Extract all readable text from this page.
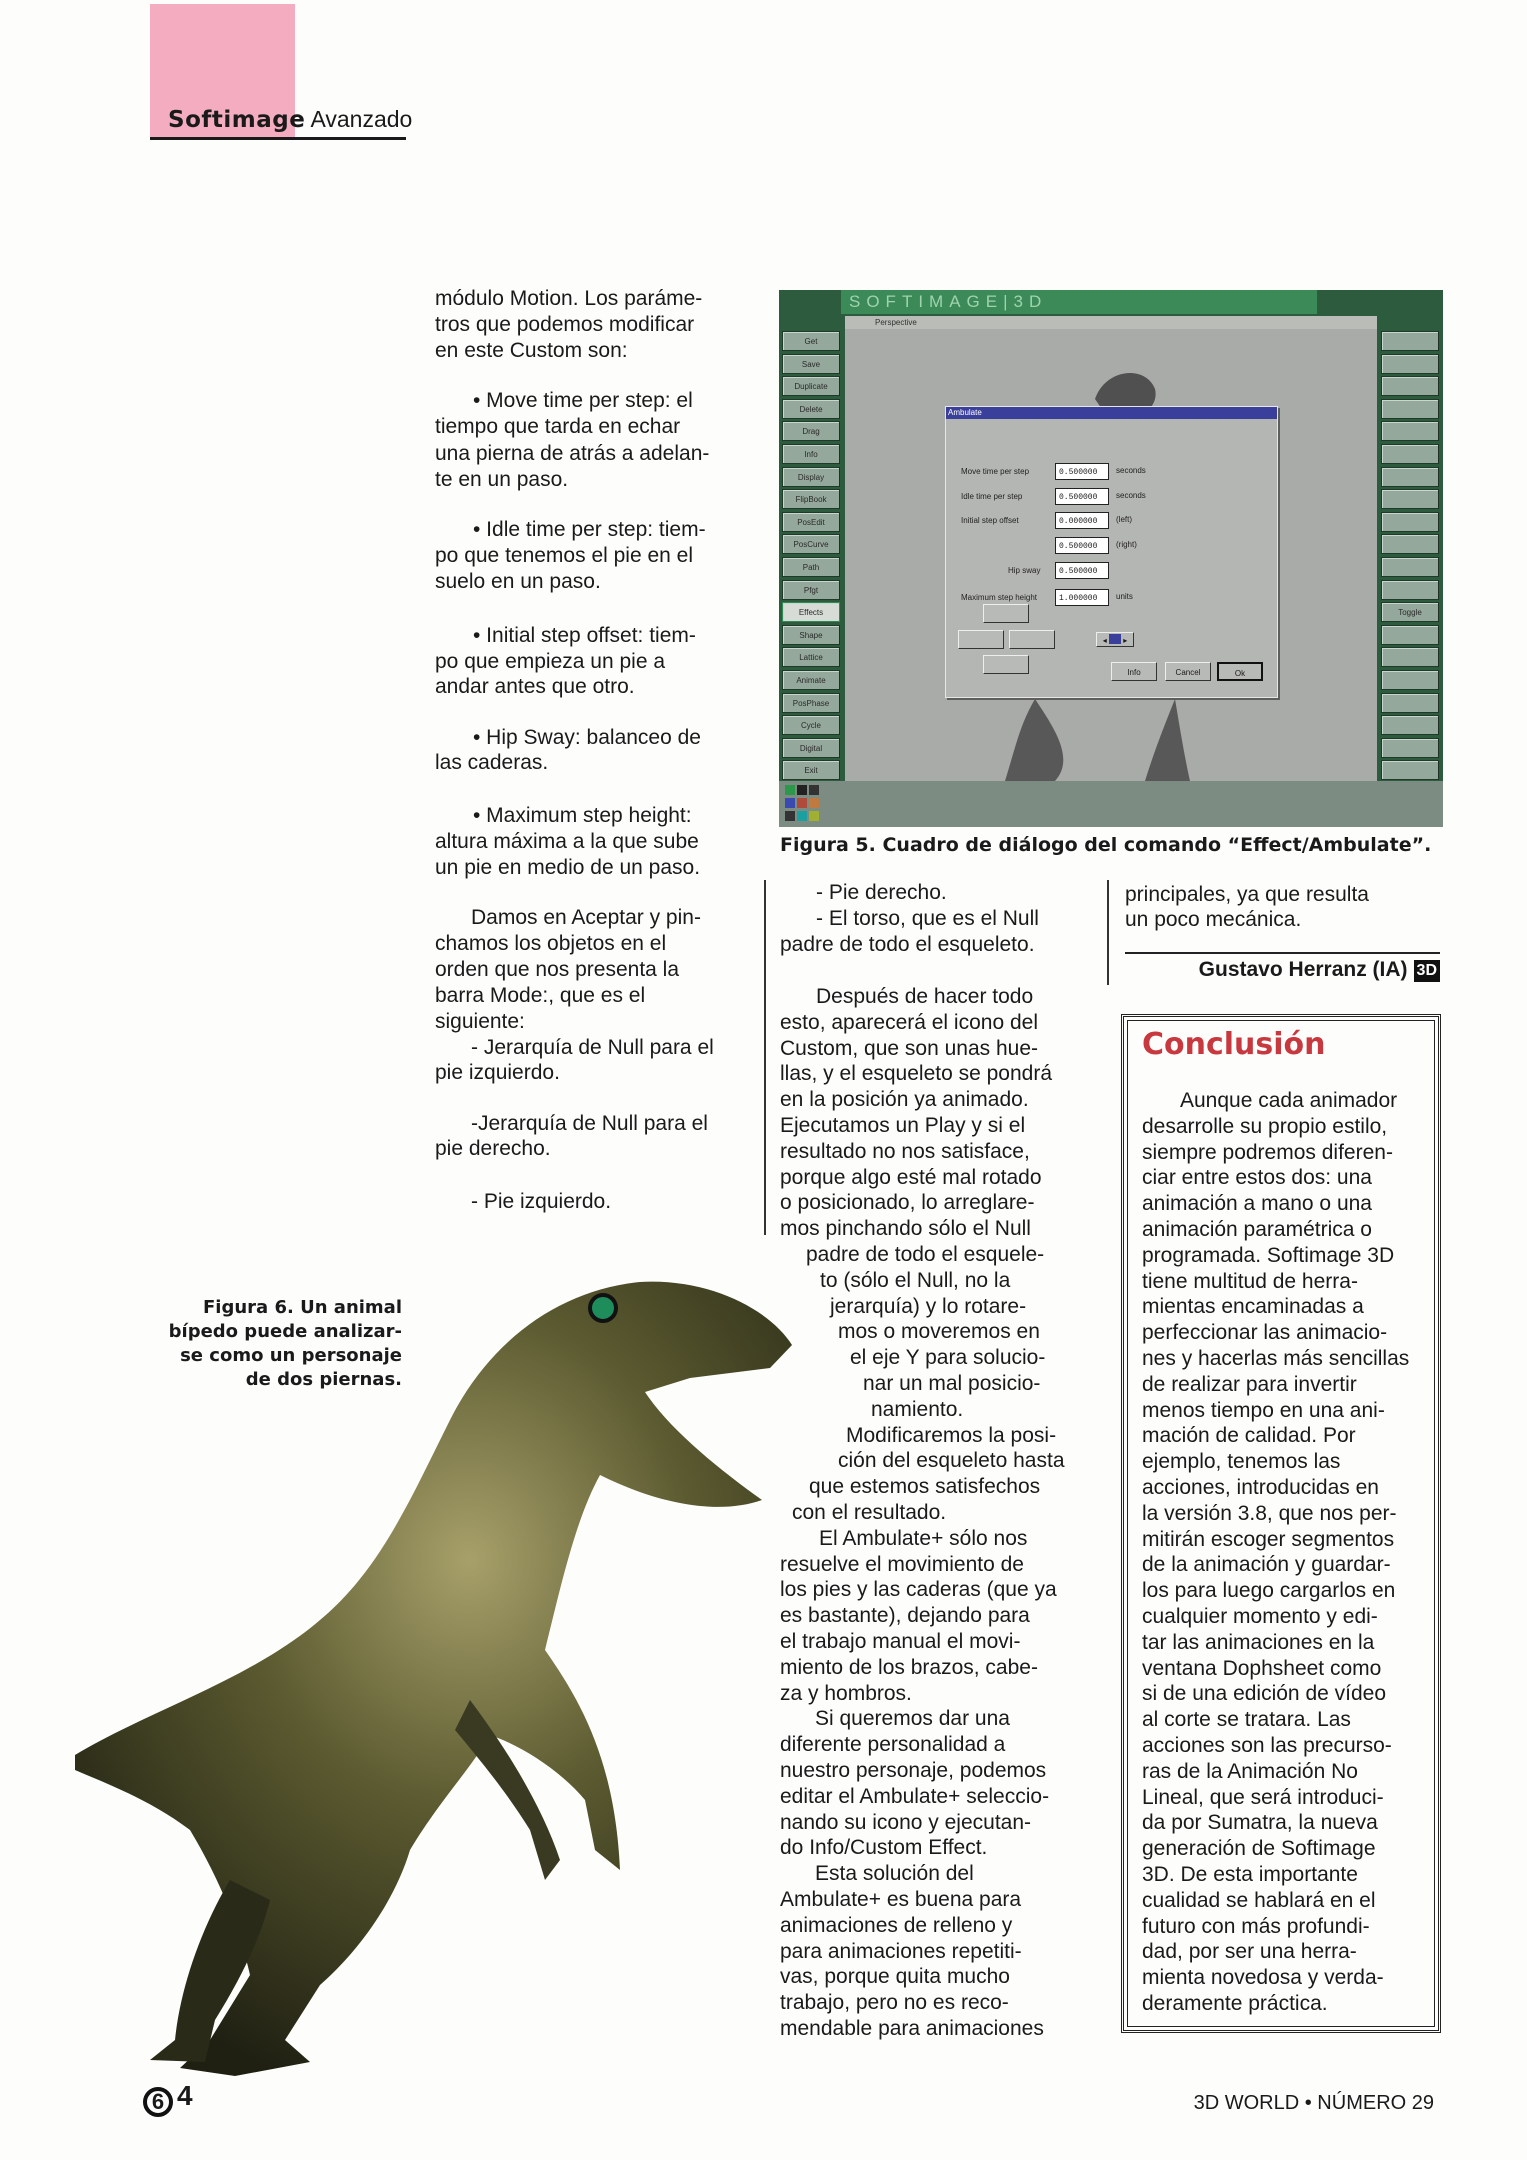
Softimage Avanzado
módulo Motion. Los paráme-
tros que podemos modificar
en este Custom son:
• Move time per step: el
tiempo que tarda en echar
una pierna de atrás a adelan-
te en un paso.
• Idle time per step: tiem-
po que tenemos el pie en el
suelo en un paso.
• Initial step offset: tiem-
po que empieza un pie a
andar antes que otro.
• Hip Sway: balanceo de
las caderas.
• Maximum step height:
altura máxima a la que sube
un pie en medio de un paso.
Damos en Aceptar y pin-
chamos los objetos en el
orden que nos presenta la
barra Mode:, que es el
siguiente:
- Jerarquía de Null para el
pie izquierdo.
-Jerarquía de Null para el
pie derecho.
- Pie izquierdo.
SOFTIMAGE|3D
Perspective
Get
Save
Duplicate
Delete
Drag
Info
Display
FlipBook
PosEdit
PosCurve
Path
Pfgt
Effects
Shape
Lattice
Animate
PosPhase
Cycle
Digital
Exit
Toggle
Ambulate
Move time per step	0.500000	seconds
Idle time per step	0.500000	seconds
Initial step offset	0.000000	(left)
0.500000	(right)
Hip sway	0.500000
Maximum step height	1.000000	units
◂  ▸
Info	Cancel	Ok
Figura 5. Cuadro de diálogo del comando “Effect/Ambulate”.
- Pie derecho.
- El torso, que es el Null
padre de todo el esqueleto.
Después de hacer todo
esto, aparecerá el icono del
Custom, que son unas hue-
llas, y el esqueleto se pondrá
en la posición ya animado.
Ejecutamos un Play y si el
resultado no nos satisface,
porque algo esté mal rotado
o posicionado, lo arreglare-
mos pinchando sólo el Null
padre de todo el esquele-
to (sólo el Null, no la
jerarquía) y lo rotare-
mos o moveremos en
el eje Y para solucio-
nar un mal posicio-
namiento.
Modificaremos la posi-
ción del esqueleto hasta
que estemos satisfechos
con el resultado.
El Ambulate+ sólo nos
resuelve el movimiento de
los pies y las caderas (que ya
es bastante), dejando para
el trabajo manual el movi-
miento de los brazos, cabe-
za y hombros.
Si queremos dar una
diferente personalidad a
nuestro personaje, podemos
editar el Ambulate+ seleccio-
nando su icono y ejecutan-
do Info/Custom Effect.
Esta solución del
Ambulate+ es buena para
animaciones de relleno y
para animaciones repetiti-
vas, porque quita mucho
trabajo, pero no es reco-
mendable para animaciones
principales, ya que resulta
un poco mecánica.
Gustavo Herranz (IA) 3D
Conclusión
Aunque cada animador
desarrolle su propio estilo,
siempre podremos diferen-
ciar entre estos dos: una
animación a mano o una
animación paramétrica o
programada. Softimage 3D
tiene multitud de herra-
mientas encaminadas a
perfeccionar las animacio-
nes y hacerlas más sencillas
de realizar para invertir
menos tiempo en una ani-
mación de calidad. Por
ejemplo, tenemos las
acciones, introducidas en
la versión 3.8, que nos per-
mitirán escoger segmentos
de la animación y guardar-
los para luego cargarlos en
cualquier momento y edi-
tar las animaciones en la
ventana Dophsheet como
si de una edición de vídeo
al corte se tratara. Las
acciones son las precurso-
ras de la Animación No
Lineal, que será introduci-
da por Sumatra, la nueva
generación de Softimage
3D. De esta importante
cualidad se hablará en el
futuro con más profundi-
dad, por ser una herra-
mienta novedosa y verda-
deramente práctica.
Figura 6. Un animal
bípedo puede analizar-
se como un personaje
de dos piernas.
6 4	3D WORLD • NÚMERO 29
